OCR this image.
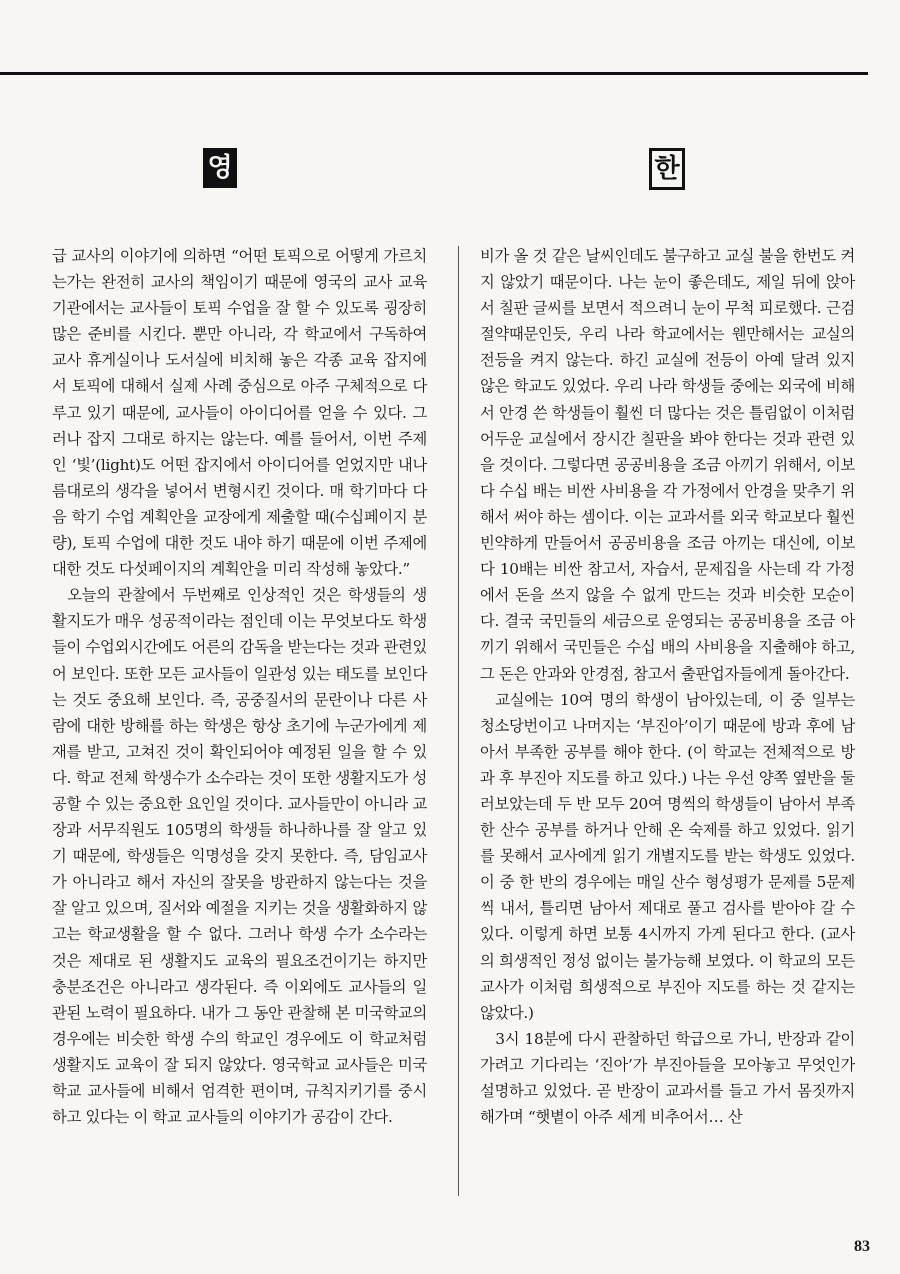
영	한

급 교사의 이야기에 의하면 “어떤 토픽으로 어떻게 가르치는가는 완전히 교사의 책임이기 때문에 영국의 교사 교육기관에서는 교사들이 토픽 수업을 잘 할 수 있도록 굉장히 많은 준비를 시킨다. 뿐만 아니라, 각 학교에서 구독하여 교사 휴게실이나 도서실에 비치해 놓은 각종 교육 잡지에서 토픽에 대해서 실제 사례 중심으로 아주 구체적으로 다루고 있기 때문에, 교사들이 아이디어를 얻을 수 있다. 그러나 잡지 그대로 하지는 않는다. 예를 들어서, 이번 주제인 ‘빛’(light)도 어떤 잡지에서 아이디어를 얻었지만 내나름대로의 생각을 넣어서 변형시킨 것이다. 매 학기마다 다음 학기 수업 계획안을 교장에게 제출할 때(수십페이지 분량), 토픽 수업에 대한 것도 내야 하기 때문에 이번 주제에 대한 것도 다섯페이지의 계획안을 미리 작성해 놓았다.”

오늘의 관찰에서 두번째로 인상적인 것은 학생들의 생활지도가 매우 성공적이라는 점인데 이는 무엇보다도 학생들이 수업외시간에도 어른의 감독을 받는다는 것과 관련있어 보인다. 또한 모든 교사들이 일관성 있는 태도를 보인다는 것도 중요해 보인다. 즉, 공중질서의 문란이나 다른 사람에 대한 방해를 하는 학생은 항상 초기에 누군가에게 제재를 받고, 고쳐진 것이 확인되어야 예정된 일을 할 수 있다. 학교 전체 학생수가 소수라는 것이 또한 생활지도가 성공할 수 있는 중요한 요인일 것이다. 교사들만이 아니라 교장과 서무직원도 105명의 학생들 하나하나를 잘 알고 있기 때문에, 학생들은 익명성을 갖지 못한다. 즉, 담임교사가 아니라고 해서 자신의 잘못을 방관하지 않는다는 것을 잘 알고 있으며, 질서와 예절을 지키는 것을 생활화하지 않고는 학교생활을 할 수 없다. 그러나 학생 수가 소수라는 것은 제대로 된 생활지도 교육의 필요조건이기는 하지만 충분조건은 아니라고 생각된다. 즉 이외에도 교사들의 일관된 노력이 필요하다. 내가 그 동안 관찰해 본 미국학교의 경우에는 비슷한 학생 수의 학교인 경우에도 이 학교처럼 생활지도 교육이 잘 되지 않았다. 영국학교 교사들은 미국학교 교사들에 비해서 엄격한 편이며, 규칙지키기를 중시하고 있다는 이 학교 교사들의 이야기가 공감이 간다.

비가 올 것 같은 날씨인데도 불구하고 교실 불을 한번도 켜지 않았기 때문이다. 나는 눈이 좋은데도, 제일 뒤에 앉아서 칠판 글씨를 보면서 적으려니 눈이 무척 피로했다. 근검절약때문인듯, 우리 나라 학교에서는 웬만해서는 교실의 전등을 켜지 않는다. 하긴 교실에 전등이 아예 달려 있지 않은 학교도 있었다. 우리 나라 학생들 중에는 외국에 비해서 안경 쓴 학생들이 훨씬 더 많다는 것은 틀림없이 이처럼 어두운 교실에서 장시간 칠판을 봐야 한다는 것과 관련 있을 것이다. 그렇다면 공공비용을 조금 아끼기 위해서, 이보다 수십 배는 비싼 사비용을 각 가정에서 안경을 맞추기 위해서 써야 하는 셈이다. 이는 교과서를 외국 학교보다 훨씬 빈약하게 만들어서 공공비용을 조금 아끼는 대신에, 이보다 10배는 비싼 참고서, 자습서, 문제집을 사는데 각 가정에서 돈을 쓰지 않을 수 없게 만드는 것과 비슷한 모순이다. 결국 국민들의 세금으로 운영되는 공공비용을 조금 아끼기 위해서 국민들은 수십 배의 사비용을 지출해야 하고, 그 돈은 안과와 안경점, 참고서 출판업자들에게 돌아간다.

교실에는 10여 명의 학생이 남아있는데, 이 중 일부는 청소당번이고 나머지는 ‘부진아’이기 때문에 방과 후에 남아서 부족한 공부를 해야 한다. (이 학교는 전체적으로 방과 후 부진아 지도를 하고 있다.) 나는 우선 양쪽 옆반을 둘러보았는데 두 반 모두 20여 명씩의 학생들이 남아서 부족한 산수 공부를 하거나 안해 온 숙제를 하고 있었다. 읽기를 못해서 교사에게 읽기 개별지도를 받는 학생도 있었다. 이 중 한 반의 경우에는 매일 산수 형성평가 문제를 5문제씩 내서, 틀리면 남아서 제대로 풀고 검사를 받아야 갈 수 있다. 이렇게 하면 보통 4시까지 가게 된다고 한다. (교사의 희생적인 정성 없이는 불가능해 보였다. 이 학교의 모든 교사가 이처럼 희생적으로 부진아 지도를 하는 것 같지는 않았다.)

3시 18분에 다시 관찰하던 학급으로 가니, 반장과 같이 가려고 기다리는 ‘진아’가 부진아들을 모아놓고 무엇인가 설명하고 있었다. 곧 반장이 교과서를 들고 가서 몸짓까지 해가며 “햇볕이 아주 세게 비추어서… 산

83
